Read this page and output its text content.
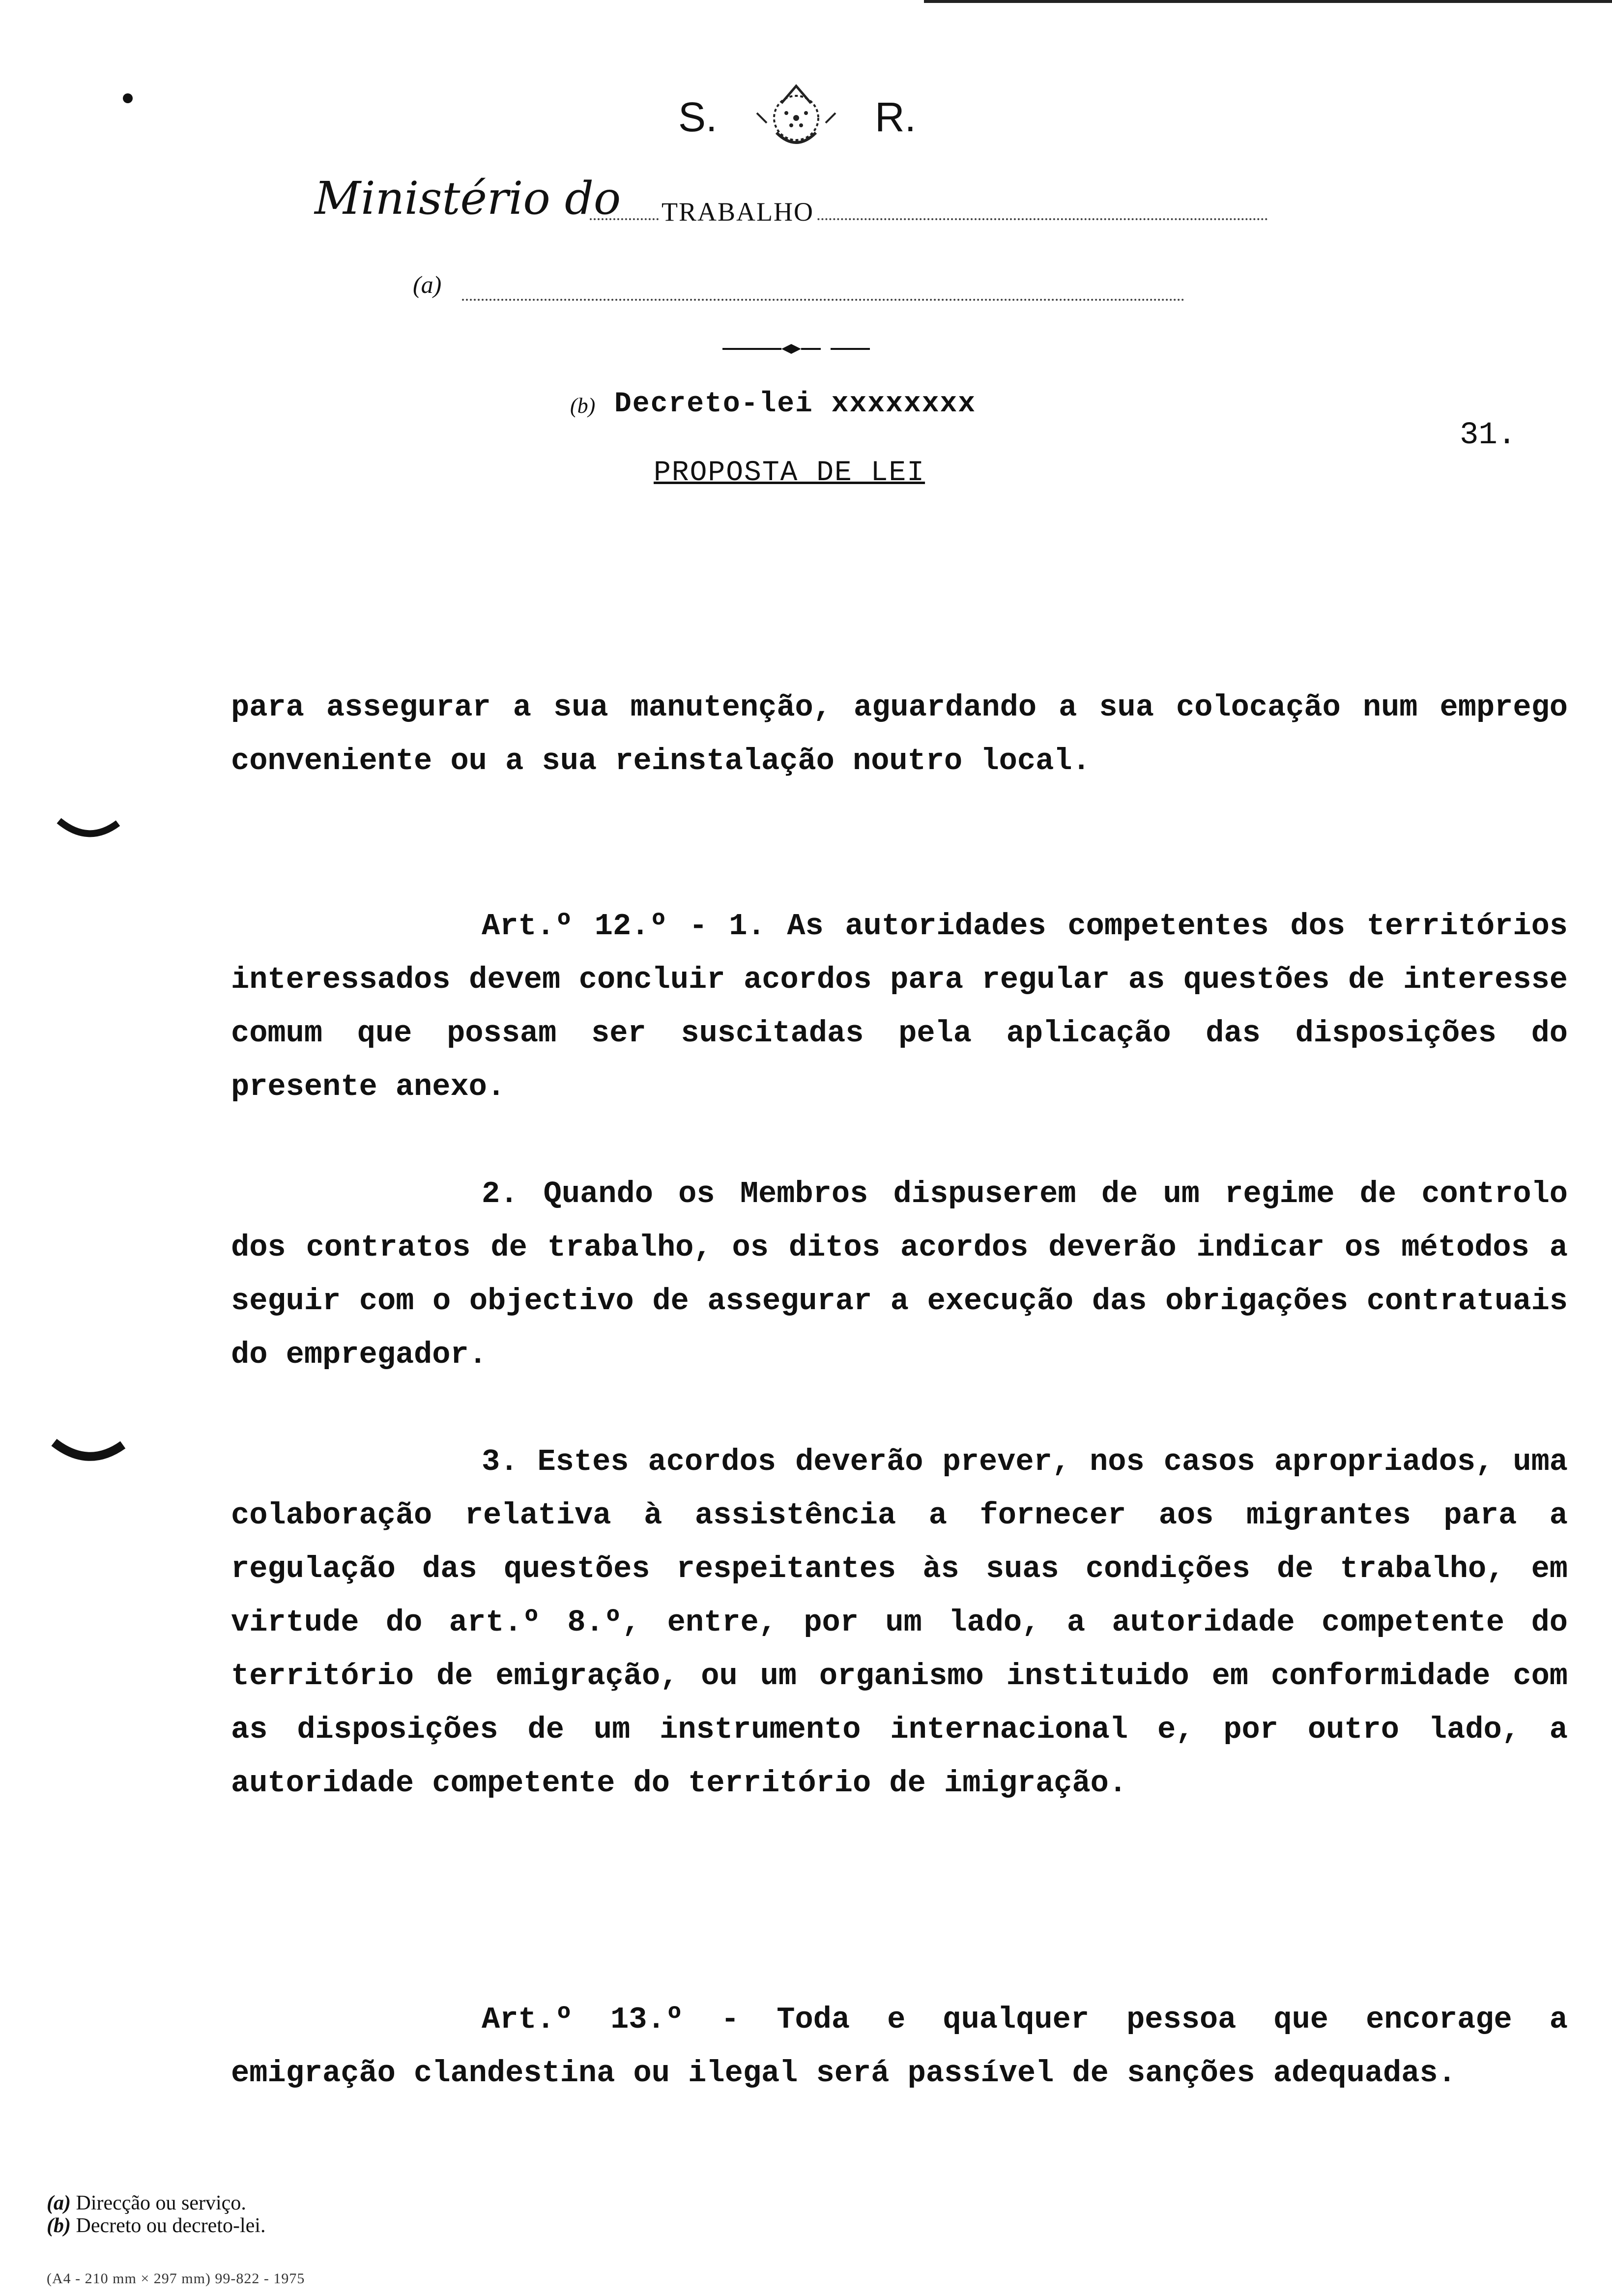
S.	R.
Ministério do TRABALHO
(a)
(b) Decreto-lei xxxxxxxx
31.
PROPOSTA DE LEI

para assegurar a sua manutenção, aguardando a sua colocação num emprego conveniente ou a sua reinstalação noutro local.

Art.º 12.º - 1. As autoridades competentes dos territórios interessados devem concluir acordos para regular as questões de interesse comum que possam ser suscitadas pela aplicação das disposições do presente anexo.

2. Quando os Membros dispuserem de um regime de controlo dos contratos de trabalho, os ditos acordos deverão indicar os métodos a seguir com o objectivo de assegurar a execução das obrigações contratuais do empregador.

3. Estes acordos deverão prever, nos casos apropriados, uma colaboração relativa à assistência a fornecer aos migrantes para a regulação das questões respeitantes às suas condições de trabalho, em virtude do art.º 8.º, entre, por um lado, a autoridade competente do território de emigração, ou um organismo instituido em conformidade com as disposições de um instrumento internacional e, por outro lado, a autoridade competente do território de imigração.

Art.º 13.º - Toda e qualquer pessoa que encorage a emigração clandestina ou ilegal será passível de sanções adequadas.

(a) Direcção ou serviço.

(b) Decreto ou decreto-lei.

(A4 - 210 mm × 297 mm) 99-822 - 1975
